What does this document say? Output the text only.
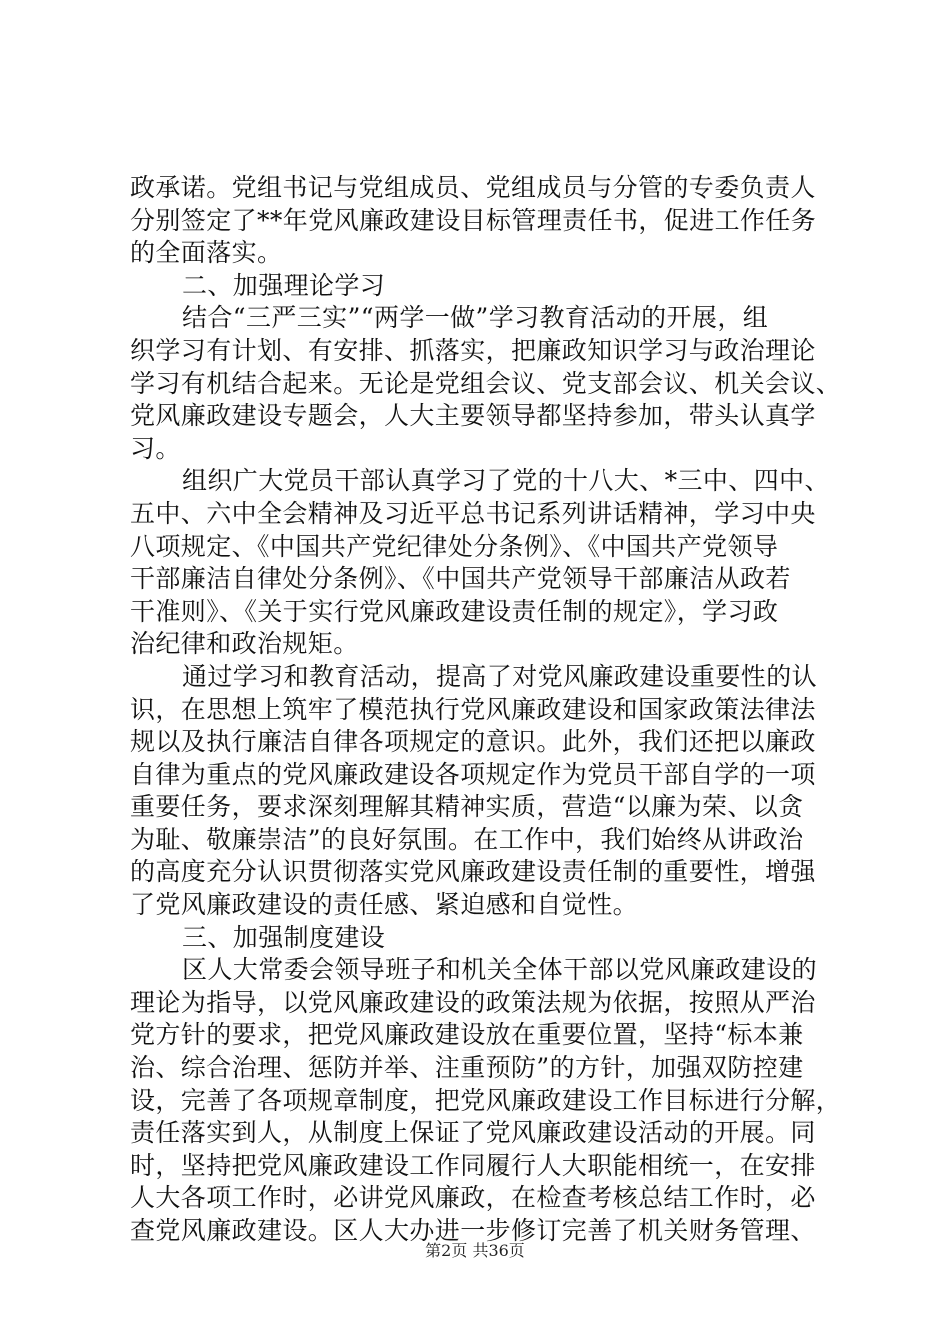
政承诺。党组书记与党组成员、党组成员与分管的专委负责人
分别签定了**年党风廉政建设目标管理责任书，促进工作任务
的全面落实。
二、加强理论学习
结合“三严三实”“两学一做”学习教育活动的开展，组
织学习有计划、有安排、抓落实，把廉政知识学习与政治理论
学习有机结合起来。无论是党组会议、党支部会议、机关会议、
党风廉政建设专题会，人大主要领导都坚持参加，带头认真学
习。
组织广大党员干部认真学习了党的十八大、*三中、四中、
五中、六中全会精神及习近平总书记系列讲话精神，学习中央
八项规定、《中国共产党纪律处分条例》、《中国共产党领导
干部廉洁自律处分条例》、《中国共产党领导干部廉洁从政若
干准则》、《关于实行党风廉政建设责任制的规定》，学习政
治纪律和政治规矩。
通过学习和教育活动，提高了对党风廉政建设重要性的认
识，在思想上筑牢了模范执行党风廉政建设和国家政策法律法
规以及执行廉洁自律各项规定的意识。此外，我们还把以廉政
自律为重点的党风廉政建设各项规定作为党员干部自学的一项
重要任务，要求深刻理解其精神实质，营造“以廉为荣、以贪
为耻、敬廉崇洁”的良好氛围。在工作中，我们始终从讲政治
的高度充分认识贯彻落实党风廉政建设责任制的重要性，增强
了党风廉政建设的责任感、紧迫感和自觉性。
三、加强制度建设
区人大常委会领导班子和机关全体干部以党风廉政建设的
理论为指导，以党风廉政建设的政策法规为依据，按照从严治
党方针的要求，把党风廉政建设放在重要位置，坚持“标本兼
治、综合治理、惩防并举、注重预防”的方针，加强双防控建
设，完善了各项规章制度，把党风廉政建设工作目标进行分解，
责任落实到人，从制度上保证了党风廉政建设活动的开展。同
时，坚持把党风廉政建设工作同履行人大职能相统一，在安排
人大各项工作时，必讲党风廉政，在检查考核总结工作时，必
查党风廉政建设。区人大办进一步修订完善了机关财务管理、
第2页 共36页
